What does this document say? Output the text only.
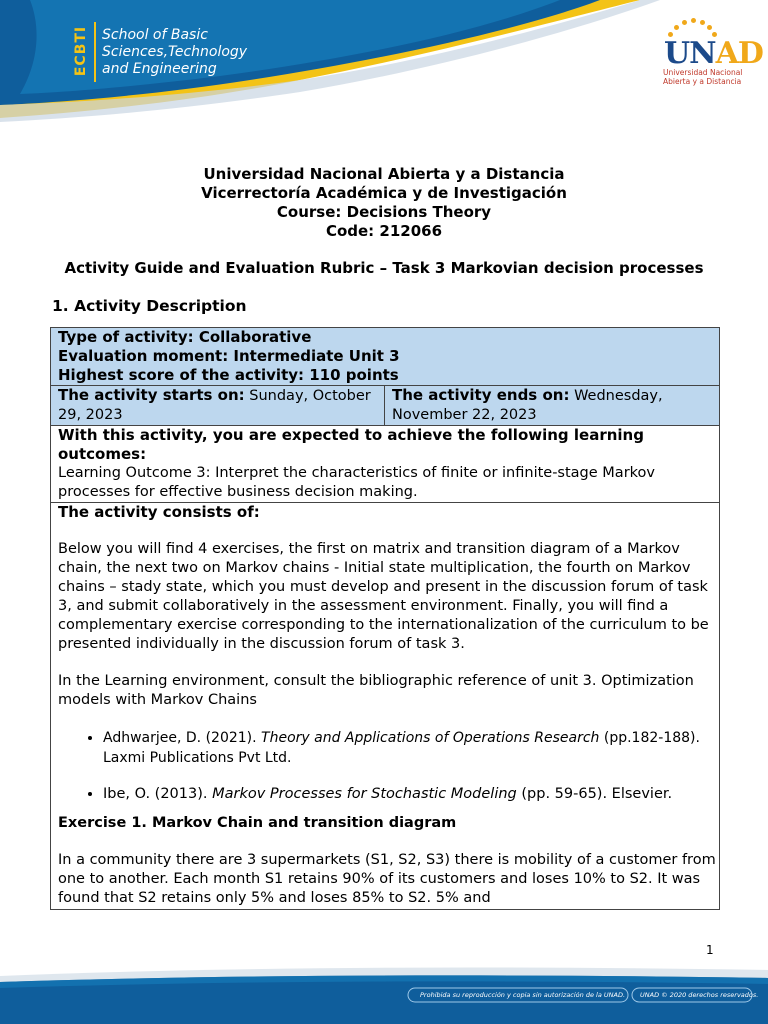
ECBTI School of Basic
Sciences,Technology
and Engineering	UNAD
Universidad Nacional
Abierta y a Distancia
Universidad Nacional Abierta y a Distancia
Vicerrectoría Académica y de Investigación
Course: Decisions Theory
Code: 212066
Activity Guide and Evaluation Rubric – Task 3 Markovian decision processes
1. Activity Description
Type of activity: Collaborative
Evaluation moment: Intermediate Unit 3
Highest score of the activity: 110 points

The activity starts on: Sunday, October 29, 2023	The activity ends on: Wednesday, November 22, 2023

With this activity, you are expected to achieve the following learning outcomes:
Learning Outcome 3: Interpret the characteristics of finite or infinite-stage Markov processes for effective business decision making.

The activity consists of:

Below you will find 4 exercises, the first on matrix and transition diagram of a Markov chain, the next two on Markov chains - Initial state multiplication, the fourth on Markov chains – stady state, which you must develop and present in the discussion forum of task 3, and submit collaboratively in the assessment environment. Finally, you will find a complementary exercise corresponding to the internationalization of the curriculum to be presented individually in the discussion forum of task 3.

In the Learning environment, consult the bibliographic reference of unit 3. Optimization models with Markov Chains

• Adhwarjee, D. (2021). Theory and Applications of Operations Research (pp.182-188). Laxmi Publications Pvt Ltd.
• Ibe, O. (2013). Markov Processes for Stochastic Modeling (pp. 59-65). Elsevier.

Exercise 1. Markov Chain and transition diagram

In a community there are 3 supermarkets (S1, S2, S3) there is mobility of a customer from one to another. Each month S1 retains 90% of its customers and loses 10% to S2. It was found that S2 retains only 5% and loses 85% to S2. 5% and

1
Prohibida su reproducción y copia sin autorización de la UNAD. UNAD © 2020 derechos reservados.
